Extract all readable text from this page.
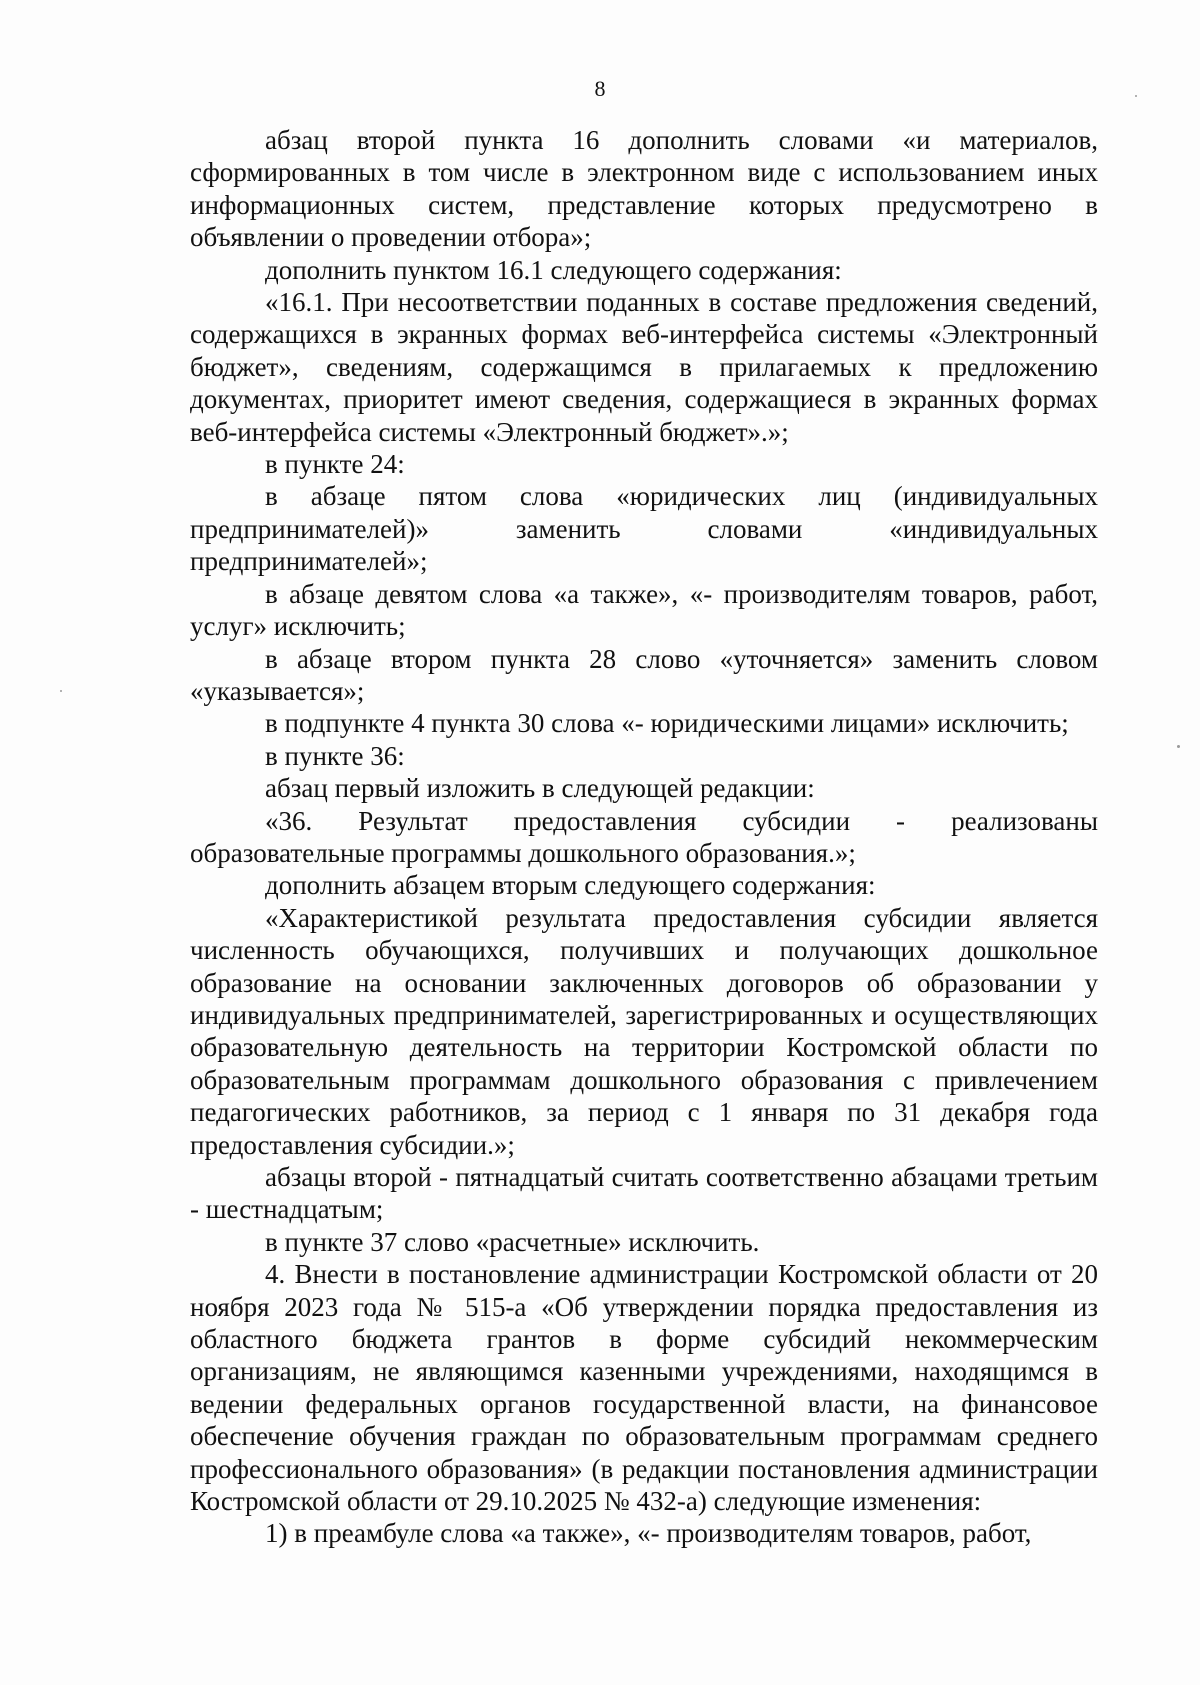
8

абзац второй пункта 16 дополнить словами «и материалов, сформированных в том числе в электронном виде с использованием иных информационных систем, представление которых предусмотрено в объявлении о проведении отбора»;

дополнить пунктом 16.1 следующего содержания:

«16.1. При несоответствии поданных в составе предложения сведений, содержащихся в экранных формах веб-интерфейса системы «Электронный бюджет», сведениям, содержащимся в прилагаемых к предложению документах, приоритет имеют сведения, содержащиеся в экранных формах веб-интерфейса системы «Электронный бюджет».»;

в пункте 24:

в абзаце пятом слова «юридических лиц (индивидуальных предпринимателей)» заменить словами «индивидуальных предпринимателей»;

в абзаце девятом слова «а также», «- производителям товаров, работ, услуг» исключить;

в абзаце втором пункта 28 слово «уточняется» заменить словом «указывается»;

в подпункте 4 пункта 30 слова «- юридическими лицами» исключить;

в пункте 36:

абзац первый изложить в следующей редакции:

«36. Результат предоставления субсидии - реализованы образовательные программы дошкольного образования.»;

дополнить абзацем вторым следующего содержания:

«Характеристикой результата предоставления субсидии является численность обучающихся, получивших и получающих дошкольное образование на основании заключенных договоров об образовании у индивидуальных предпринимателей, зарегистрированных и осуществляющих образовательную деятельность на территории Костромской области по образовательным программам дошкольного образования с привлечением педагогических работников, за период с 1 января по 31 декабря года предоставления субсидии.»;

абзацы второй - пятнадцатый считать соответственно абзацами третьим - шестнадцатым;

в пункте 37 слово «расчетные» исключить.

4. Внести в постановление администрации Костромской области от 20 ноября 2023 года № 515-а «Об утверждении порядка предоставления из областного бюджета грантов в форме субсидий некоммерческим организациям, не являющимся казенными учреждениями, находящимся в ведении федеральных органов государственной власти, на финансовое обеспечение обучения граждан по образовательным программам среднего профессионального образования» (в редакции постановления администрации Костромской области от 29.10.2025 № 432-а) следующие изменения:

1) в преамбуле слова «а также», «- производителям товаров, работ,
